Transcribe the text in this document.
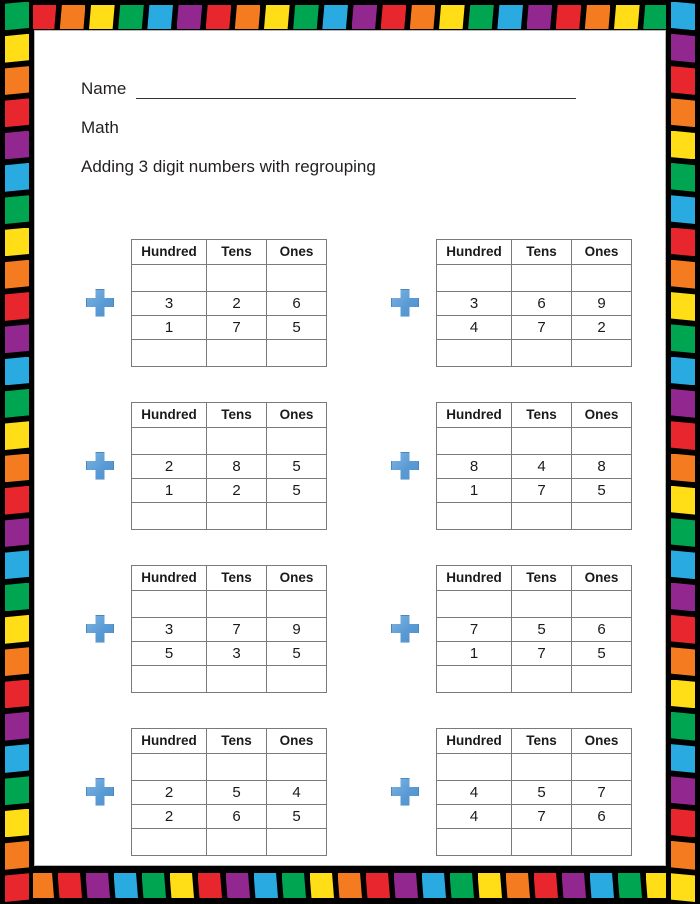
Name
Math
Adding 3 digit numbers with regrouping
Hundred	Tens	Ones

3	2	6
1	7	5

Hundred	Tens	Ones

3	6	9
4	7	2

Hundred	Tens	Ones

2	8	5
1	2	5

Hundred	Tens	Ones

8	4	8
1	7	5

Hundred	Tens	Ones

3	7	9
5	3	5

Hundred	Tens	Ones

7	5	6
1	7	5

Hundred	Tens	Ones

2	5	4
2	6	5

Hundred	Tens	Ones

4	5	7
4	7	6
